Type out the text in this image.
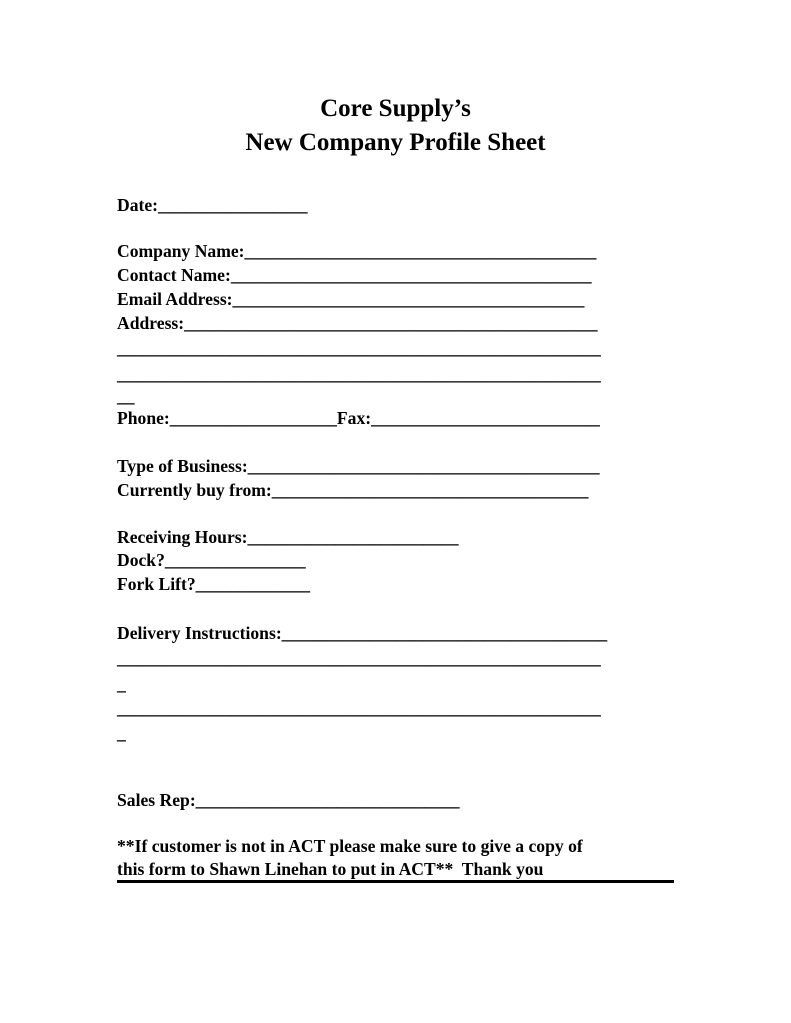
Core Supply’s
New Company Profile Sheet
Date:_________________
Company Name:________________________________________
Contact Name:_________________________________________
Email Address:________________________________________
Address:_______________________________________________
_______________________________________________________
_______________________________________________________
__
Phone:___________________Fax:__________________________
Type of Business:________________________________________
Currently buy from:____________________________________
Receiving Hours:________________________
Dock?________________
Fork Lift?_____________
Delivery Instructions:_____________________________________
_______________________________________________________
_
_______________________________________________________
_
Sales Rep:______________________________
**If customer is not in ACT please make sure to give a copy of
this form to Shawn Linehan to put in ACT**  Thank you
